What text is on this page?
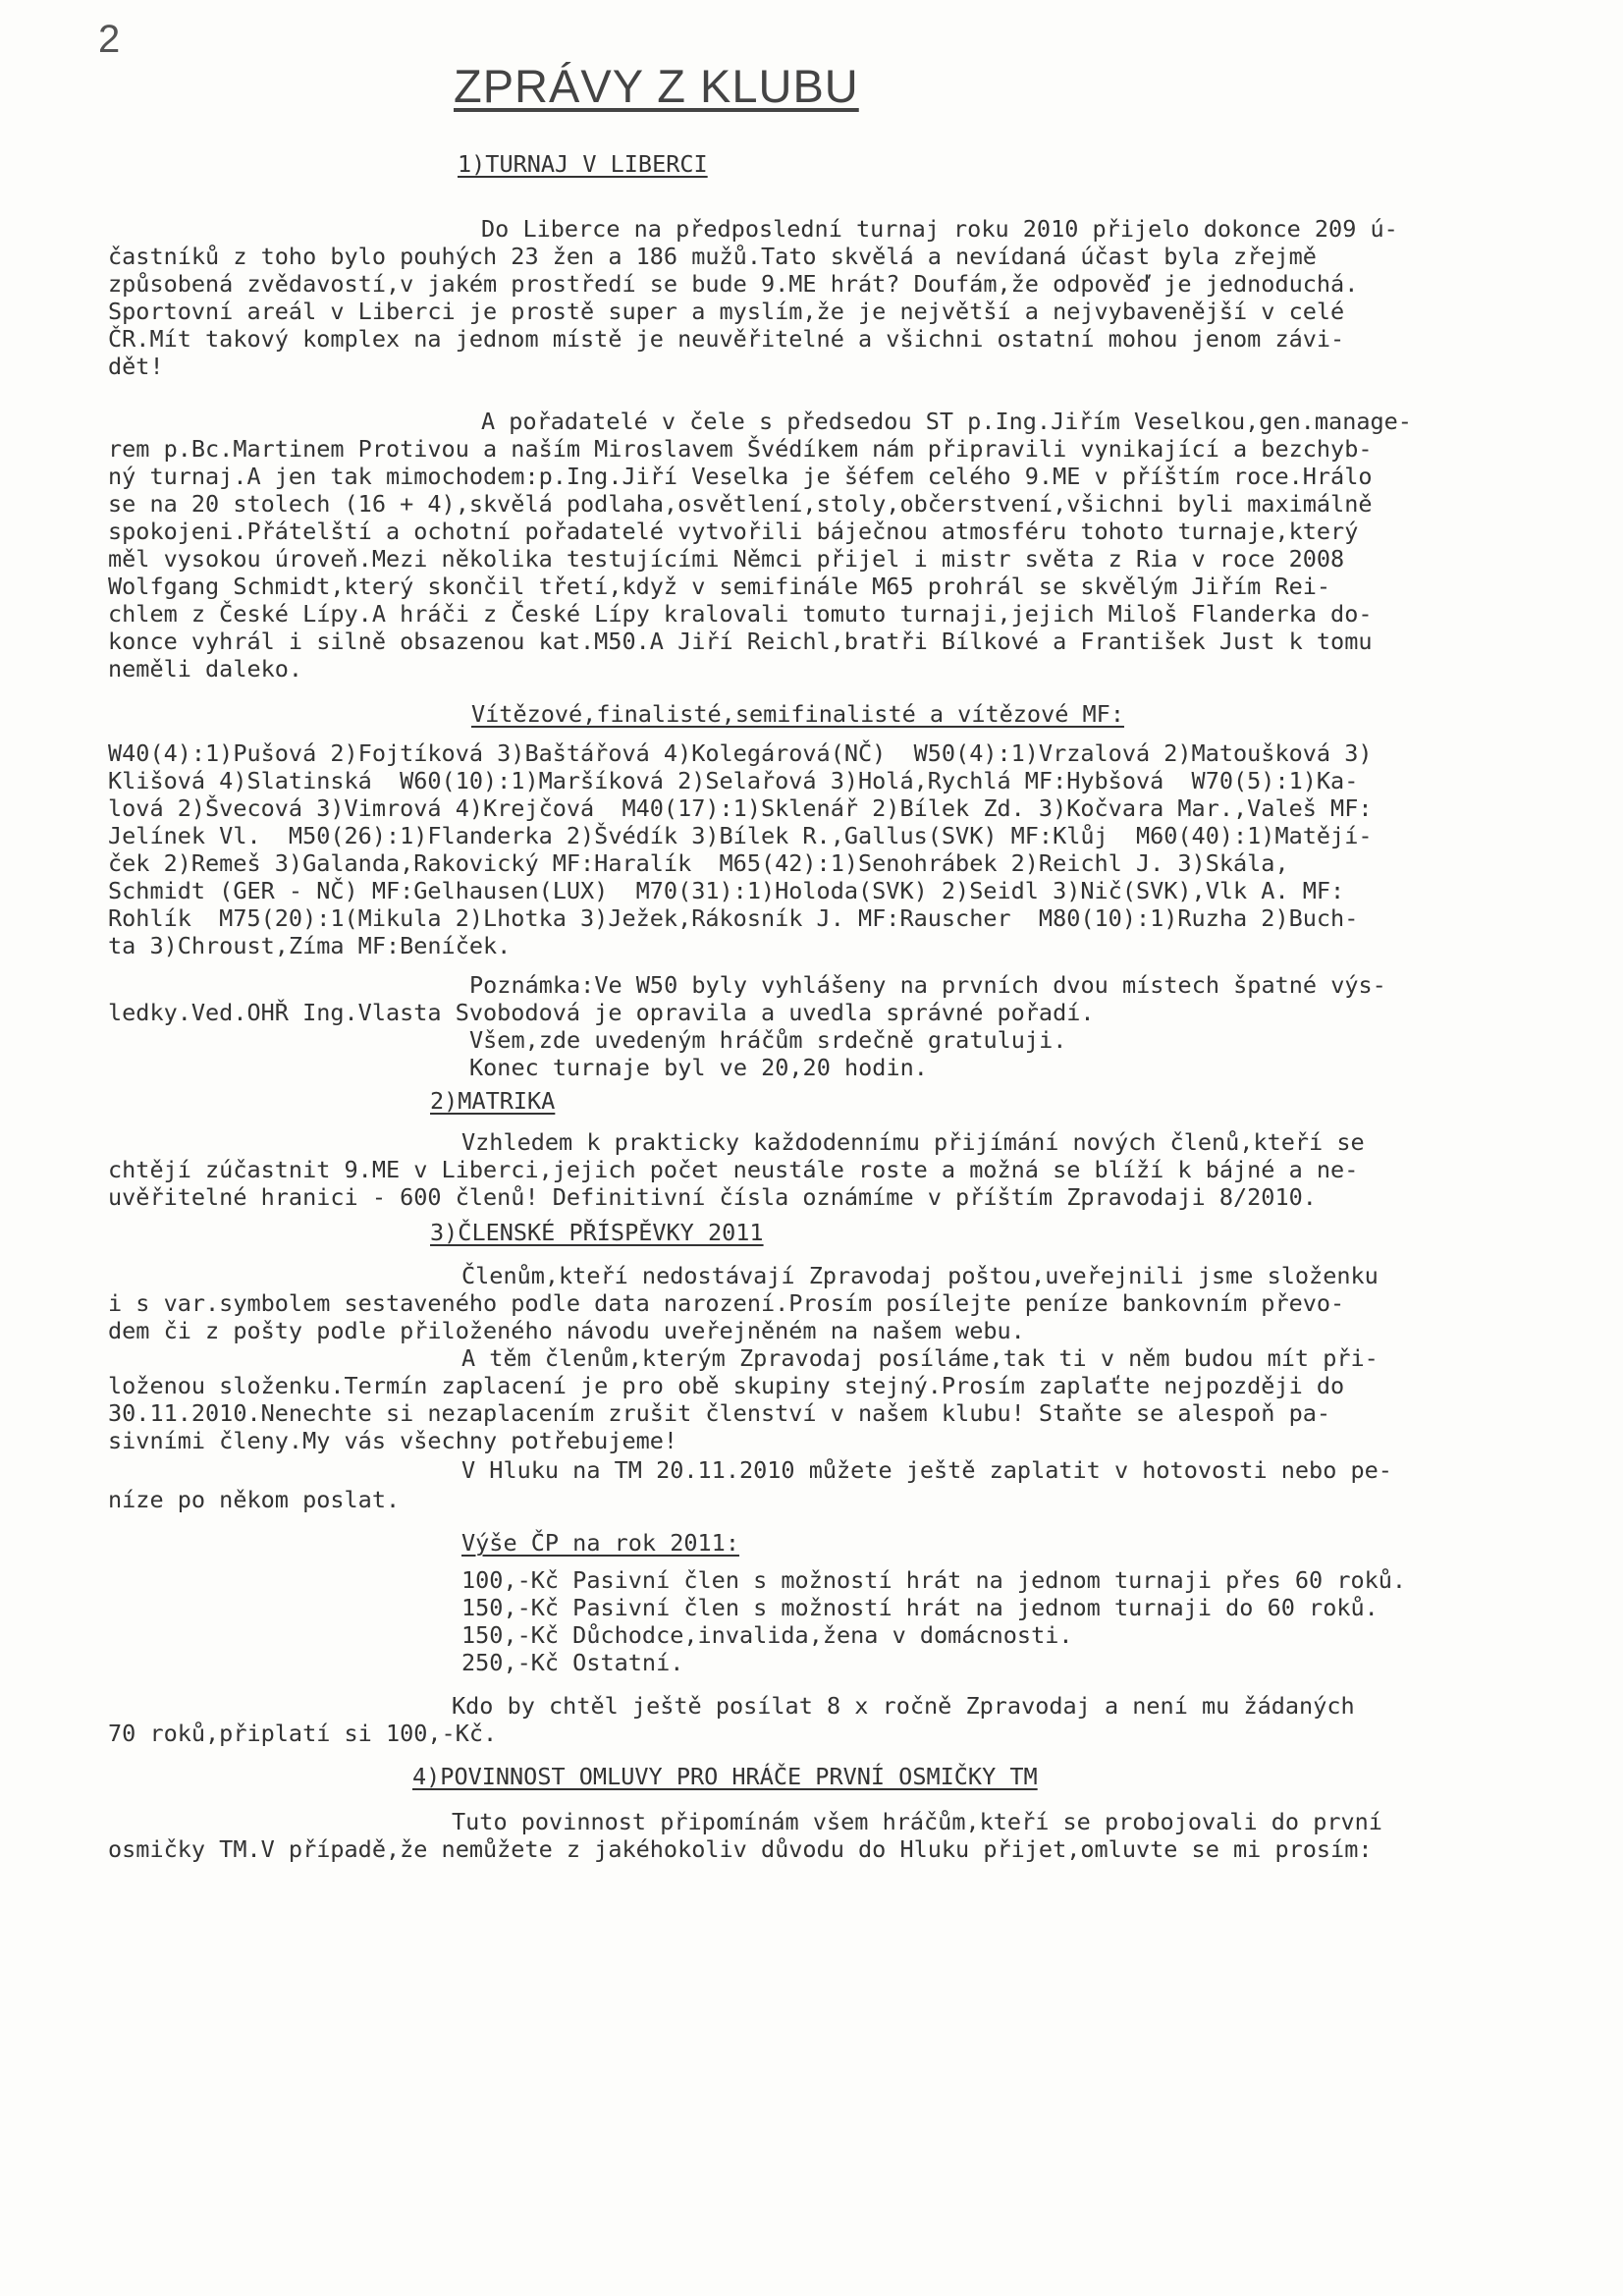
2
ZPRÁVY Z KLUBU
1)TURNAJ V LIBERCI
Do Liberce na předposlední turnaj roku 2010 přijelo dokonce 209 ú-
častníků z toho bylo pouhých 23 žen a 186 mužů.Tato skvělá a nevídaná účast byla zřejmě
způsobená zvědavostí,v jakém prostředí se bude 9.ME hrát? Doufám,že odpověď je jednoduchá.
Sportovní areál v Liberci je prostě super a myslím,že je největší a nejvybavenější v celé
ČR.Mít takový komplex na jednom místě je neuvěřitelné a všichni ostatní mohou jenom závi-
dět!
A pořadatelé v čele s předsedou ST p.Ing.Jiřím Veselkou,gen.manage-
rem p.Bc.Martinem Protivou a naším Miroslavem Švédíkem nám připravili vynikající a bezchyb-
ný turnaj.A jen tak mimochodem:p.Ing.Jiří Veselka je šéfem celého 9.ME v příštím roce.Hrálo
se na 20 stolech (16 + 4),skvělá podlaha,osvětlení,stoly,občerstvení,všichni byli maximálně
spokojeni.Přátelští a ochotní pořadatelé vytvořili báječnou atmosféru tohoto turnaje,který
měl vysokou úroveň.Mezi několika testujícími Němci přijel i mistr světa z Ria v roce 2008
Wolfgang Schmidt,který skončil třetí,když v semifinále M65 prohrál se skvělým Jiřím Rei-
chlem z České Lípy.A hráči z České Lípy kralovali tomuto turnaji,jejich Miloš Flanderka do-
konce vyhrál i silně obsazenou kat.M50.A Jiří Reichl,bratři Bílkové a František Just k tomu
neměli daleko.
Vítězové,finalisté,semifinalisté a vítězové MF:
W40(4):1)Pušová 2)Fojtíková 3)Baštářová 4)Kolegárová(NČ)  W50(4):1)Vrzalová 2)Matoušková 3)
Klišová 4)Slatinská  W60(10):1)Maršíková 2)Selařová 3)Holá,Rychlá MF:Hybšová  W70(5):1)Ka-
lová 2)Švecová 3)Vimrová 4)Krejčová  M40(17):1)Sklenář 2)Bílek Zd. 3)Kočvara Mar.,Valeš MF:
Jelínek Vl.  M50(26):1)Flanderka 2)Švédík 3)Bílek R.,Gallus(SVK) MF:Klůj  M60(40):1)Matějí-
ček 2)Remeš 3)Galanda,Rakovický MF:Haralík  M65(42):1)Senohrábek 2)Reichl J. 3)Skála,
Schmidt (GER - NČ) MF:Gelhausen(LUX)  M70(31):1)Holoda(SVK) 2)Seidl 3)Nič(SVK),Vlk A. MF:
Rohlík  M75(20):1(Mikula 2)Lhotka 3)Ježek,Rákosník J. MF:Rauscher  M80(10):1)Ruzha 2)Buch-
ta 3)Chroust,Zíma MF:Beníček.
Poznámka:Ve W50 byly vyhlášeny na prvních dvou místech špatné výs-
ledky.Ved.OHŘ Ing.Vlasta Svobodová je opravila a uvedla správné pořadí.
Všem,zde uvedeným hráčům srdečně gratuluji.
Konec turnaje byl ve 20,20 hodin.
2)MATRIKA
Vzhledem k prakticky každodennímu přijímání nových členů,kteří se
chtějí zúčastnit 9.ME v Liberci,jejich počet neustále roste a možná se blíží k bájné a ne-
uvěřitelné hranici - 600 členů! Definitivní čísla oznámíme v příštím Zpravodaji 8/2010.
3)ČLENSKÉ PŘÍSPĚVKY 2011
Členům,kteří nedostávají Zpravodaj poštou,uveřejnili jsme složenku
i s var.symbolem sestaveného podle data narození.Prosím posílejte peníze bankovním převo-
dem či z pošty podle přiloženého návodu uveřejněném na našem webu.
A těm členům,kterým Zpravodaj posíláme,tak ti v něm budou mít při-
loženou složenku.Termín zaplacení je pro obě skupiny stejný.Prosím zaplaťte nejpozději do
30.11.2010.Nenechte si nezaplacením zrušit členství v našem klubu! Staňte se alespoň pa-
sivními členy.My vás všechny potřebujeme!
V Hluku na TM 20.11.2010 můžete ještě zaplatit v hotovosti nebo pe-
níze po někom poslat.
Výše ČP na rok 2011:
100,-Kč Pasivní člen s možností hrát na jednom turnaji přes 60 roků.
150,-Kč Pasivní člen s možností hrát na jednom turnaji do 60 roků.
150,-Kč Důchodce,invalida,žena v domácnosti.
250,-Kč Ostatní.
Kdo by chtěl ještě posílat 8 x ročně Zpravodaj a není mu žádaných
70 roků,připlatí si 100,-Kč.
4)POVINNOST OMLUVY PRO HRÁČE PRVNÍ OSMIČKY TM
Tuto povinnost připomínám všem hráčům,kteří se probojovali do první
osmičky TM.V případě,že nemůžete z jakéhokoliv důvodu do Hluku přijet,omluvte se mi prosím:
